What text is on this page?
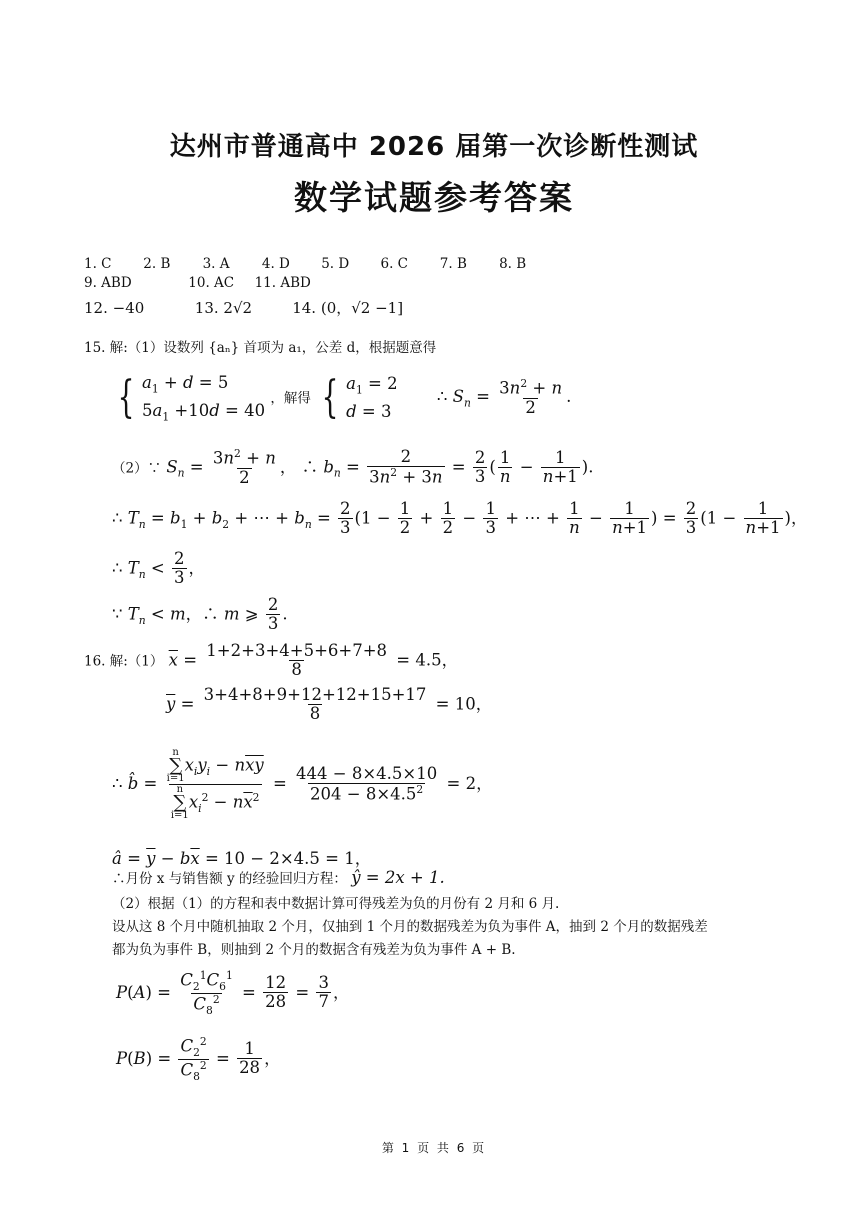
达州市普通高中 2026 届第一次诊断性测试
数学试题参考答案
1. C 2. B 3. A 4. D 5. D 6. C 7. B 8. B
9. ABD	10. AC 11. ABD
12. −40	13. 2√2	14. (0，√2 −1]
15. 解:（1）设数列 {aₙ} 首项为 a₁，公差 d，根据题意得
{ $a_1 + d = 5$
$5a_1 +10d = 40$
，解得 { $a_1 = 2$
d = 3
∴ $S_n = \frac{3n^2 + n}{2}$ .
（2）∵ $S_n = \frac{3n^2 + n}{2}$ ， ∴ $b_n = \frac{2}{3n^2 + 3n} = \frac{2}{3}$ ( $\frac{1}{n} - \frac{1}{n+1}$ ).
∴ $T_n = b_1 + b_2$ + ⋯ + $b_n = \frac{2}{3} (1 - \frac{1}{2} + \frac{1}{2} - \frac{1}{3}$ + ⋯ + $\frac{1}{n} - \frac{1}{n+1}$ ) = $\frac{2}{3} (1 - \frac{1}{n+1}$ )，
∴ $T_n < \frac{2}{3}$ ，
∵ $T_n < m$，∴ m ⩾ $\frac{2}{3}$ .
16. 解:（1） $\overline{x} = \frac{1+2+3+4+5+6+7+8}{8} = 4.5$，
$\overline{y} = \frac{3+4+8+9+12+12+15+17}{8} = 10$，
∴ b̂ = n
∑
i=1
$x_iy_i - n\overline{xy}$
n
∑
i=1
$x_i^2 - n\overline{x}^2 = \frac{444 - 8\times 4.5\times 10}{204 - 8\times 4.5^2} = 2$，
â = $\overline{y} - b\overline{x} = 10 - 2\times 4.5 = 1$，
∴月份 x 与销售额 y 的经验回归方程： ŷ = 2x + 1.
（2）根据（1）的方程和表中数据计算可得残差为负的月份有 2 月和 6 月.
设从这 8 个月中随机抽取 2 个月，仅抽到 1 个月的数据残差为负为事件 A，抽到 2 个月的数据残差
都为负为事件 B，则抽到 2 个月的数据含有残差为负为事件 A + B.
$P(A) = \frac{C_2^1C_6^1}{C_8^2} = \frac{12}{28} = \frac{3}{7}$ ，
$P(B) = \frac{C_2^2}{C_8^2} = \frac{1}{28}$ ，
第 1 页 共 6 页
